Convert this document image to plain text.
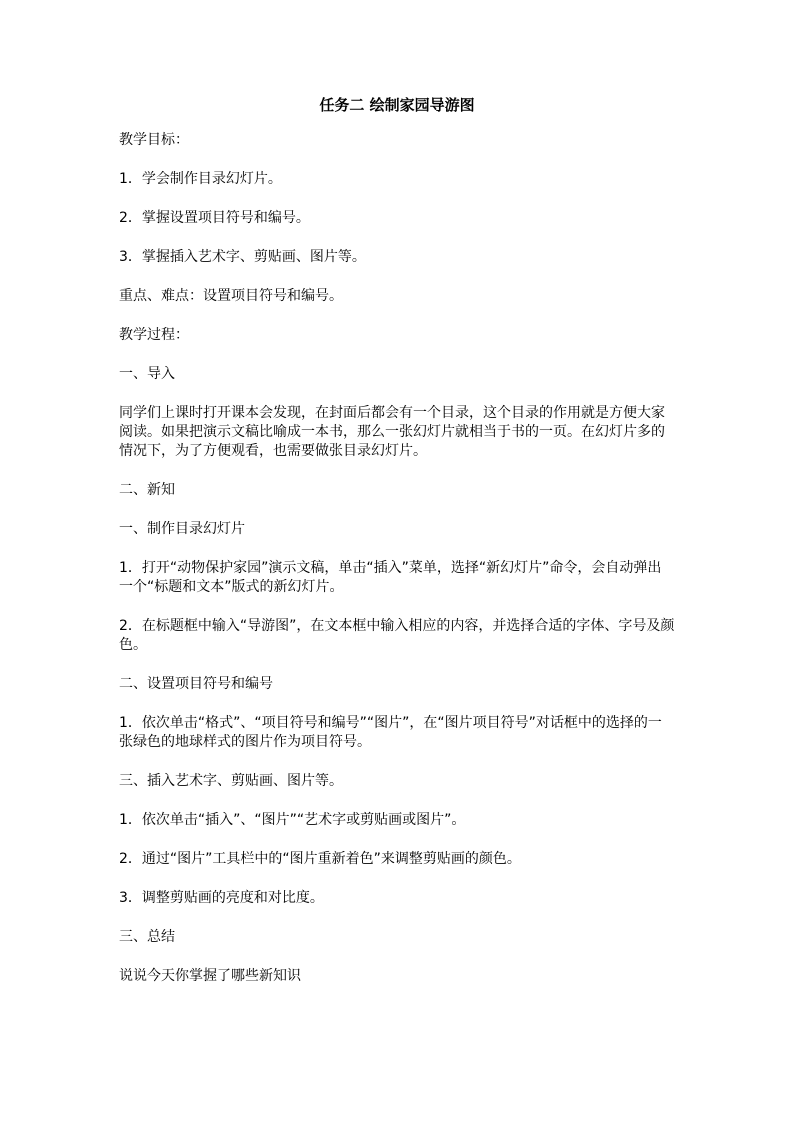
任务二 绘制家园导游图

教学目标：

1．学会制作目录幻灯片。

2．掌握设置项目符号和编号。

3．掌握插入艺术字、剪贴画、图片等。

重点、难点：设置项目符号和编号。

教学过程：

一、导入

同学们上课时打开课本会发现，在封面后都会有一个目录，这个目录的作用就是方便大家阅读。如果把演示文稿比喻成一本书，那么一张幻灯片就相当于书的一页。在幻灯片多的情况下，为了方便观看，也需要做张目录幻灯片。

二、新知

一、制作目录幻灯片

1．打开“动物保护家园”演示文稿，单击“插入”菜单，选择“新幻灯片”命令，会自动弹出一个“标题和文本”版式的新幻灯片。

2．在标题框中输入“导游图”，在文本框中输入相应的内容，并选择合适的字体、字号及颜色。

二、设置项目符号和编号

1．依次单击“格式”、“项目符号和编号”“图片”，在“图片项目符号”对话框中的选择的一张绿色的地球样式的图片作为项目符号。

三、插入艺术字、剪贴画、图片等。

1．依次单击“插入”、“图片”“艺术字或剪贴画或图片”。

2．通过“图片”工具栏中的“图片重新着色”来调整剪贴画的颜色。

3．调整剪贴画的亮度和对比度。

三、总结

说说今天你掌握了哪些新知识
